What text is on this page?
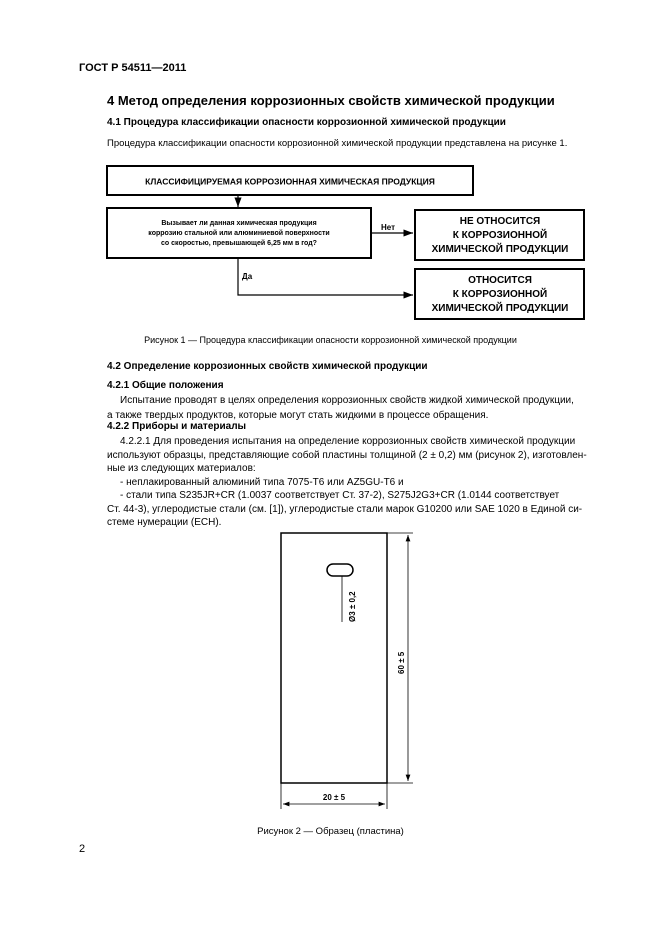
ГОСТ Р 54511—2011
4 Метод определения коррозионных свойств химической продукции
4.1 Процедура классификации опасности коррозионной химической продукции
Процедура классификации опасности коррозионной химической продукции представлена на рисунке 1.
КЛАССИФИЦИРУЕМАЯ КОРРОЗИОННАЯ ХИМИЧЕСКАЯ ПРОДУКЦИЯ
Вызывает ли данная химическая продукция
коррозию стальной или алюминиевой поверхности
со скоростью, превышающей 6,25 мм в год?
Нет
НЕ ОТНОСИТСЯ
К КОРРОЗИОННОЙ
ХИМИЧЕСКОЙ ПРОДУКЦИИ
Да	ОТНОСИТСЯ
К КОРРОЗИОННОЙ
ХИМИЧЕСКОЙ ПРОДУКЦИИ
Рисунок 1 — Процедура классификации опасности коррозионной химической продукции
4.2 Определение коррозионных свойств химической продукции
4.2.1 Общие положения
Испытание проводят в целях определения коррозионных свойств жидкой химической продукции,
а также твердых продуктов, которые могут стать жидкими в процессе обращения.
4.2.2 Приборы и материалы
4.2.2.1 Для проведения испытания на определение коррозионных свойств химической продукции
используют образцы, представляющие собой пластины толщиной (2 ± 0,2) мм (рисунок 2), изготовлен-
ные из следующих материалов:
- неплакированный алюминий типа 7075-Т6 или AZ5GU-T6 и
- стали типа S235JR+CR (1.0037 соответствует Ст. 37-2), S275J2G3+CR (1.0144 соответствует
Ст. 44-3), углеродистые стали (см. [1]), углеродистые стали марок G10200 или SAE 1020 в Единой си-
стеме нумерации (ЕСН).
Ø3 ± 0,2
60 ± 5
20 ± 5
Рисунок 2 — Образец (пластина)
2
